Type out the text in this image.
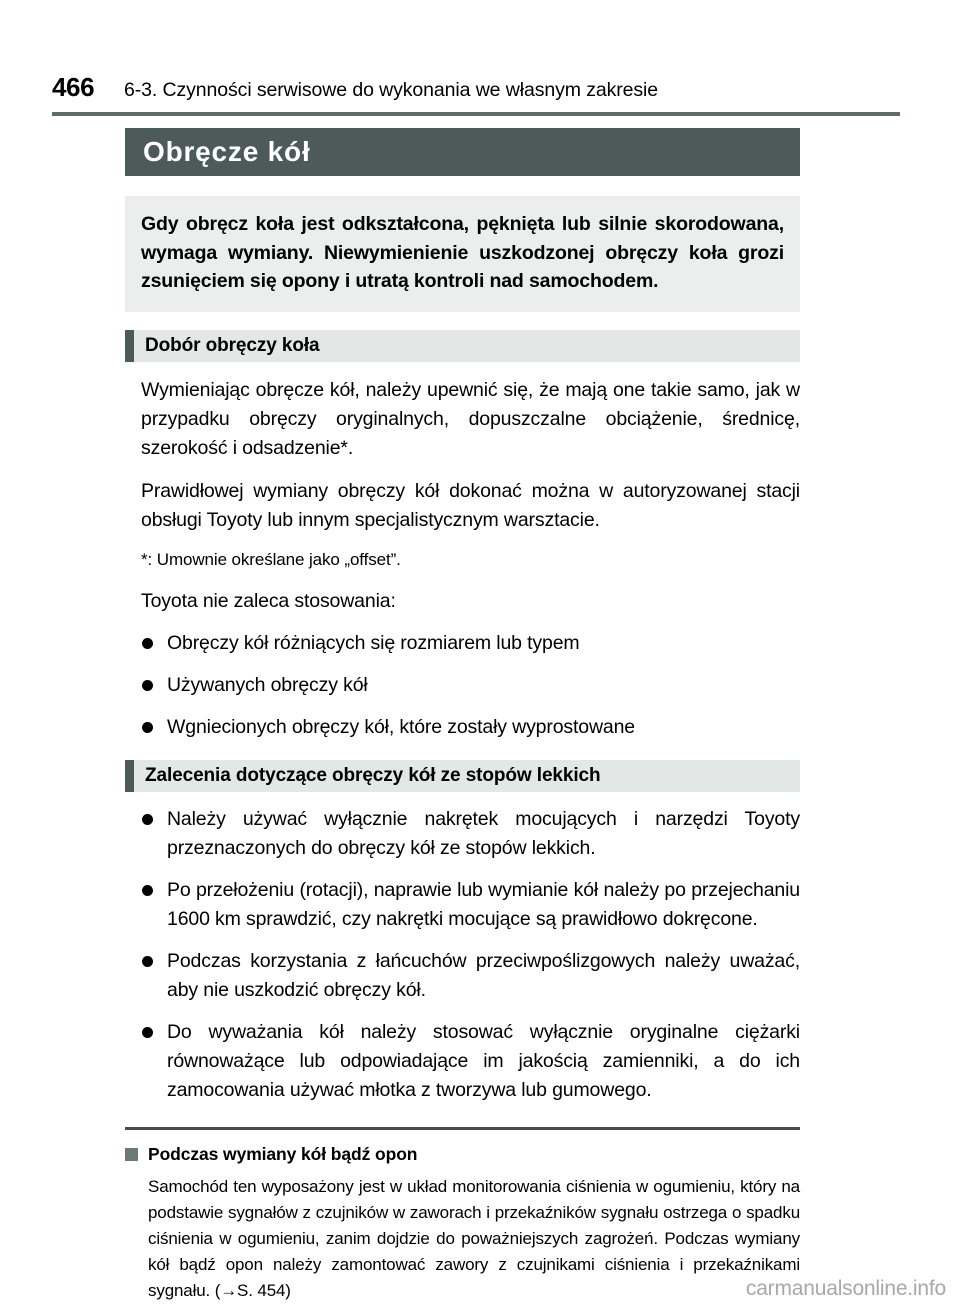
466	6-3. Czynności serwisowe do wykonania we własnym zakresie
Obręcze kół
Gdy obręcz koła jest odkształcona, pęknięta lub silnie skorodowana, wymaga wymiany. Niewymienienie uszkodzonej obręczy koła grozi zsunięciem się opony i utratą kontroli nad samochodem.
Dobór obręczy koła

Wymieniając obręcze kół, należy upewnić się, że mają one takie samo, jak w przypadku obręczy oryginalnych, dopuszczalne obciążenie, średnicę, szerokość i odsadzenie*.

Prawidłowej wymiany obręczy kół dokonać można w autoryzowanej stacji obsługi Toyoty lub innym specjalistycznym warsztacie.

*: Umownie określane jako „offset”.

Toyota nie zaleca stosowania:

Obręczy kół różniących się rozmiarem lub typem
Używanych obręczy kół
Wgniecionych obręczy kół, które zostały wyprostowane
Zalecenia dotyczące obręczy kół ze stopów lekkich
Należy używać wyłącznie nakrętek mocujących i narzędzi Toyoty przeznaczonych do obręczy kół ze stopów lekkich.
Po przełożeniu (rotacji), naprawie lub wymianie kół należy po przejechaniu 1600 km sprawdzić, czy nakrętki mocujące są prawidłowo dokręcone.
Podczas korzystania z łańcuchów przeciwpoślizgowych należy uważać, aby nie uszkodzić obręczy kół.
Do wyważania kół należy stosować wyłącznie oryginalne ciężarki równoważące lub odpowiadające im jakością zamienniki, a do ich zamocowania używać młotka z tworzywa lub gumowego.
Podczas wymiany kół bądź opon

Samochód ten wyposażony jest w układ monitorowania ciśnienia w ogumieniu, który na podstawie sygnałów z czujników w zaworach i przekaźników sygnału ostrzega o spadku ciśnienia w ogumieniu, zanim dojdzie do poważniejszych zagrożeń. Podczas wymiany kół bądź opon należy zamontować zawory z czujnikami ciśnienia i przekaźnikami sygnału. (→S. 454)	carmanualsonline.info
